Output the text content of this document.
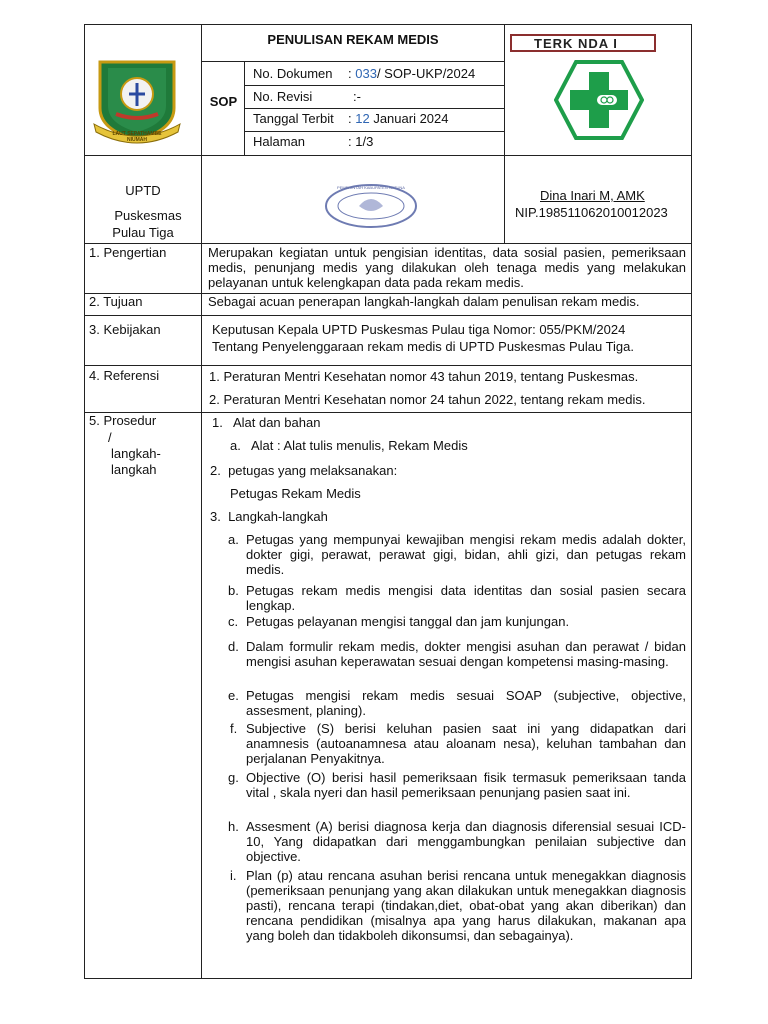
LAUT SEPATHAMBE NIUMAH
PENULISAN REKAM MEDIS
SOP
No. Dokumen : 033/ SOP-UKP/2024
No. Revisi	:-
Tanggal Terbit : 12 Januari 2024
Halaman	: 1/3
TERK NDA I
UPTD
Puskesmas
Pulau Tiga
PEMERINTAH KABUPATEN NATUNA
Dina Inari M, AMK
NIP.198511062010012023
1. Pengertian
2. Tujuan
3. Kebijakan
4. Referensi
5. Prosedur
/
langkah-
langkah
Merupakan kegiatan untuk pengisian identitas, data sosial pasien, pemeriksaan medis, penunjang medis yang dilakukan oleh tenaga medis yang melakukan pelayanan untuk kelengkapan data pada rekam medis.
Sebagai acuan penerapan langkah-langkah dalam penulisan rekam medis.
Keputusan Kepala UPTD Puskesmas Pulau tiga Nomor: 055/PKM/2024
Tentang Penyelenggaraan rekam medis di UPTD Puskesmas Pulau Tiga.
1. Peraturan Mentri Kesehatan nomor 43 tahun 2019, tentang Puskesmas.
2. Peraturan Mentri Kesehatan nomor 24 tahun 2022, tentang rekam medis.
1.   Alat dan bahan
a.   Alat : Alat tulis menulis, Rekam Medis
2.  petugas yang melaksanakan:
Petugas Rekam Medis
3.  Langkah-langkah
a. Petugas yang mempunyai kewajiban mengisi rekam medis adalah dokter, dokter gigi, perawat, perawat gigi, bidan, ahli gizi, dan petugas rekam medis.
b. Petugas rekam medis mengisi data identitas dan sosial pasien secara lengkap.
c. Petugas pelayanan mengisi tanggal dan jam kunjungan.
d. Dalam formulir rekam medis, dokter mengisi asuhan dan perawat / bidan mengisi asuhan keperawatan sesuai dengan kompetensi masing-masing.
e. Petugas mengisi rekam medis sesuai SOAP (subjective, objective, assesment, planing).
f. Subjective (S) berisi keluhan pasien saat ini yang didapatkan dari anamnesis (autoanamnesa atau aloanam nesa), keluhan tambahan dan perjalanan Penyakitnya.
g. Objective (O) berisi hasil pemeriksaan fisik termasuk pemeriksaan tanda vital , skala nyeri dan hasil pemeriksaan penunjang pasien saat ini.
h. Assesment (A) berisi diagnosa kerja dan diagnosis diferensial sesuai ICD-10, Yang didapatkan dari menggambungkan penilaian subjective dan objective.
i. Plan (p) atau rencana asuhan berisi rencana untuk menegakkan diagnosis (pemeriksaan penunjang yang akan dilakukan untuk menegakkan diagnosis pasti), rencana terapi (tindakan,diet, obat-obat yang akan diberikan) dan rencana pendidikan (misalnya apa yang harus dilakukan, makanan apa yang boleh dan tidakboleh dikonsumsi, dan sebagainya).
